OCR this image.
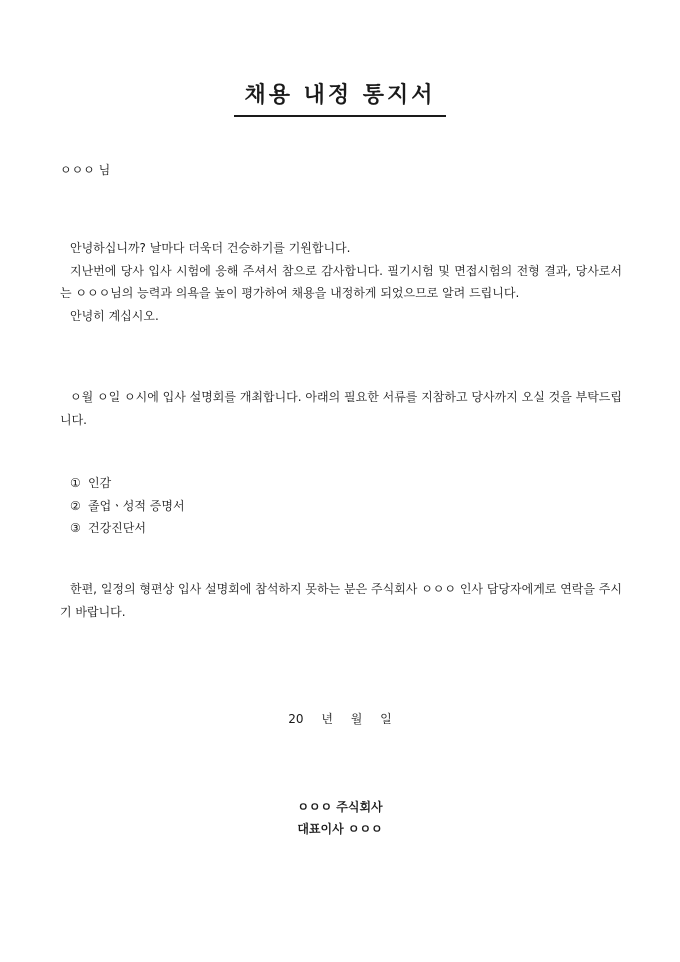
채용 내정 통지서
ㅇㅇㅇ 님

안녕하십니까? 날마다 더욱더 건승하기를 기원합니다.

지난번에 당사 입사 시험에 응해 주셔서 참으로 감사합니다. 필기시험 및 면접시험의 전형 결과, 당사로서는 ㅇㅇㅇ님의 능력과 의욕을 높이 평가하여 채용을 내정하게 되었으므로 알려 드립니다.

안녕히 계십시오.

ㅇ월 ㅇ일 ㅇ시에 입사 설명회를 개최합니다. 아래의 필요한 서류를 지참하고 당사까지 오실 것을 부탁드립니다.

① 인감
② 졸업ㆍ성적 증명서
③ 건강진단서

한편, 일정의 형편상 입사 설명회에 참석하지 못하는 분은 주식회사 ㅇㅇㅇ 인사 담당자에게로 연락을 주시기 바랍니다.

20 년 월 일
ㅇㅇㅇ 주식회사
대표이사 ㅇㅇㅇ
